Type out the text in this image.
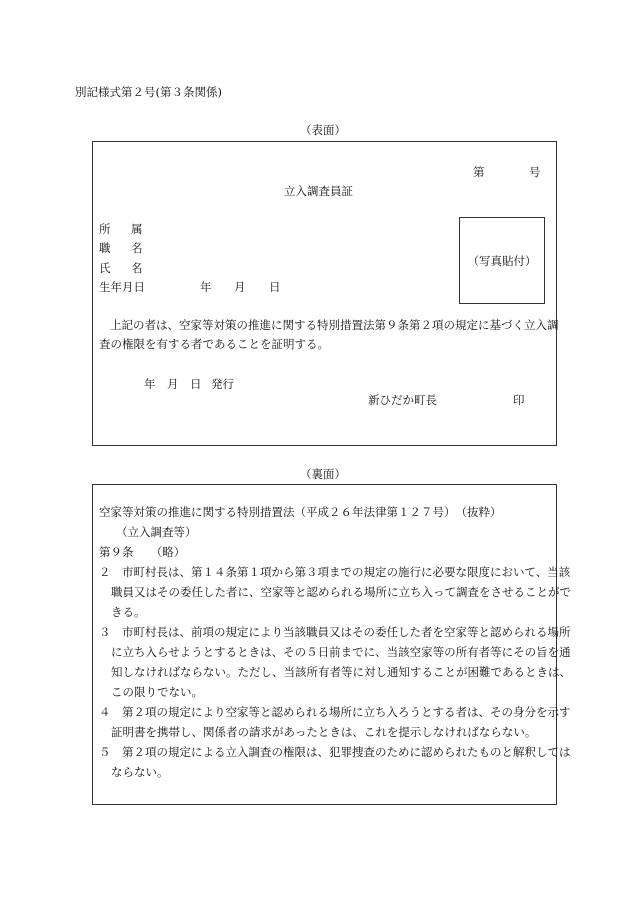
別記様式第２号(第３条関係)
（表面）
第	号
立入調査員証
所 属
職 名
氏 名
生年月日	年 月 日
（写真貼付）
上記の者は、空家等対策の推進に関する特別措置法第９条第２項の規定に基づく立入調
査の権限を有する者であることを証明する。
年 月 日 発行
新ひだか町長	印
（裏面）
空家等対策の推進に関する特別措置法（平成２６年法律第１２７号）　（抜粋）
（立入調査等）
第９条　　（略）
２　市町村長は、第１４条第１項から第３項までの規定の施行に必要な限度において、当該
職員又はその委任した者に、空家等と認められる場所に立ち入って調査をさせることがで
きる。
３　市町村長は、前項の規定により当該職員又はその委任した者を空家等と認められる場所
に立ち入らせようとするときは、その５日前までに、当該空家等の所有者等にその旨を通
知しなければならない。ただし、当該所有者等に対し通知することが困難であるときは、
この限りでない。
４　第２項の規定により空家等と認められる場所に立ち入ろうとする者は、その身分を示す
証明書を携帯し、関係者の請求があったときは、これを提示しなければならない。
５　第２項の規定による立入調査の権限は、犯罪捜査のために認められたものと解釈しては
ならない。
